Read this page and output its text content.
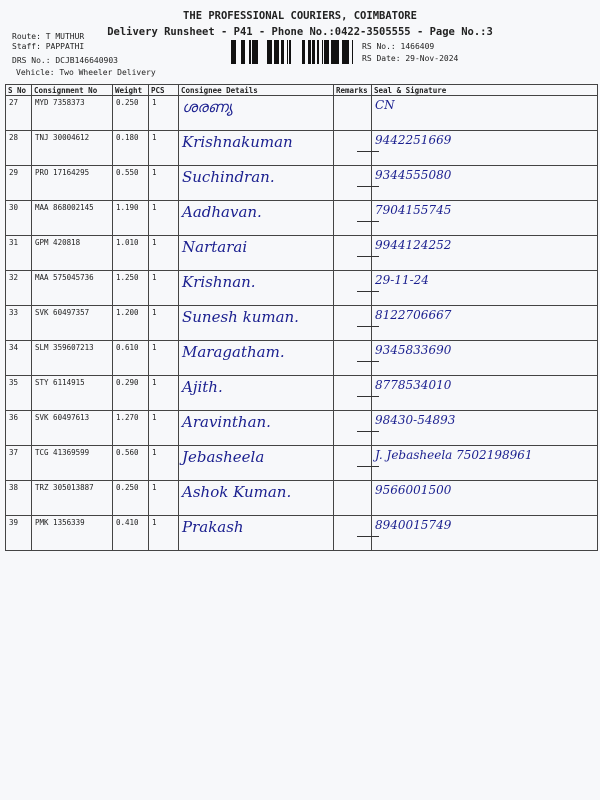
THE PROFESSIONAL COURIERS, COIMBATORE
Delivery Runsheet - P41 - Phone No.:0422-3505555 - Page No.:3
Route: T MUTHUR
Staff: PAPPATHI
DRS No.: DCJB146640903
Vehicle: Two Wheeler Delivery
RS No.: 1466409
RS Date: 29-Nov-2024
S No	Consignment No	Weight	PCS	Consignee Details	Remarks	Seal & Signature
27	MYD 7358373	0.250	1	ശരണ്യ		CN
28	TNJ 30004612	0.180	1	Krishnakuman		9442251669
29	PRO 17164295	0.550	1	Suchindran.		9344555080
30	MAA 868002145	1.190	1	Aadhavan.		7904155745
31	GPM 420818	1.010	1	Nartarai		9944124252
32	MAA 575045736	1.250	1	Krishnan.		29-11-24
33	SVK 60497357	1.200	1	Sunesh kuman.		8122706667
34	SLM 359607213	0.610	1	Maragatham.		9345833690
35	STY 6114915	0.290	1	Ajith.		8778534010
36	SVK 60497613	1.270	1	Aravinthan.		98430-54893
37	TCG 41369599	0.560	1	Jebasheela		J. Jebasheela 7502198961
38	TRZ 305013887	0.250	1	Ashok Kuman.		9566001500
39	PMK 1356339	0.410	1	Prakash		8940015749
